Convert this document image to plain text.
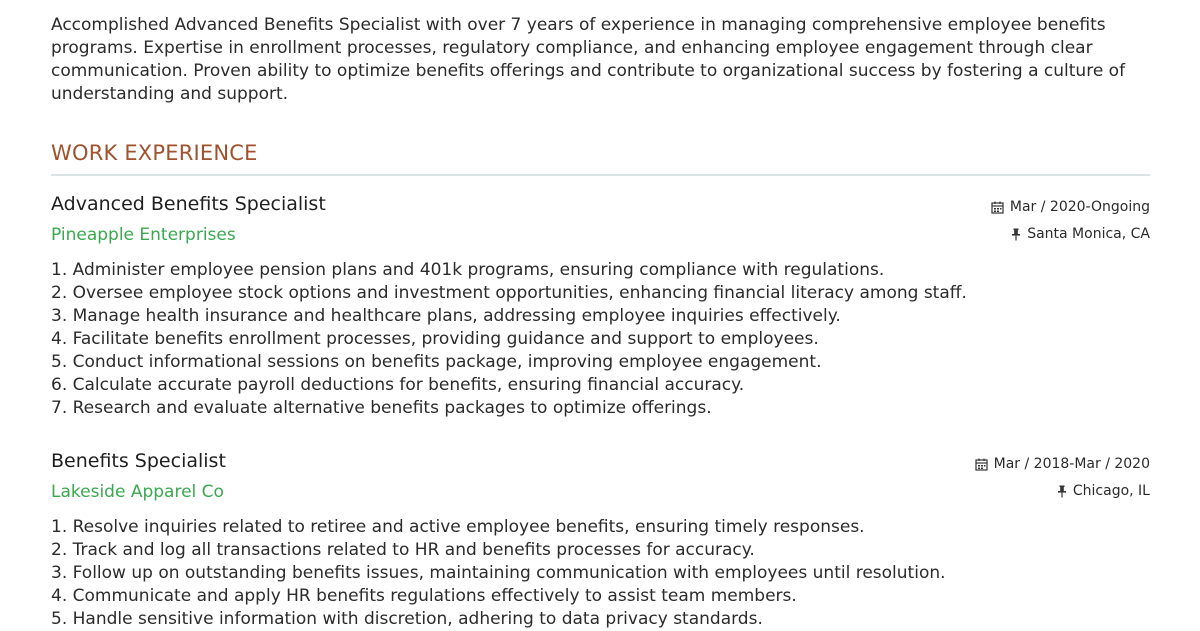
Accomplished Advanced Benefits Specialist with over 7 years of experience in managing comprehensive employee benefits programs. Expertise in enrollment processes, regulatory compliance, and enhancing employee engagement through clear communication. Proven ability to optimize benefits offerings and contribute to organizational success by fostering a culture of understanding and support.

WORK EXPERIENCE
Advanced Benefits Specialist

Pineapple Enterprises

Mar / 2020-Ongoing
Santa Monica, CA
1. Administer employee pension plans and 401k programs, ensuring compliance with regulations.
2. Oversee employee stock options and investment opportunities, enhancing financial literacy among staff.
3. Manage health insurance and healthcare plans, addressing employee inquiries effectively.
4. Facilitate benefits enrollment processes, providing guidance and support to employees.
5. Conduct informational sessions on benefits package, improving employee engagement.
6. Calculate accurate payroll deductions for benefits, ensuring financial accuracy.
7. Research and evaluate alternative benefits packages to optimize offerings.
Benefits Specialist

Lakeside Apparel Co

Mar / 2018-Mar / 2020
Chicago, IL
1. Resolve inquiries related to retiree and active employee benefits, ensuring timely responses.
2. Track and log all transactions related to HR and benefits processes for accuracy.
3. Follow up on outstanding benefits issues, maintaining communication with employees until resolution.
4. Communicate and apply HR benefits regulations effectively to assist team members.
5. Handle sensitive information with discretion, adhering to data privacy standards.
